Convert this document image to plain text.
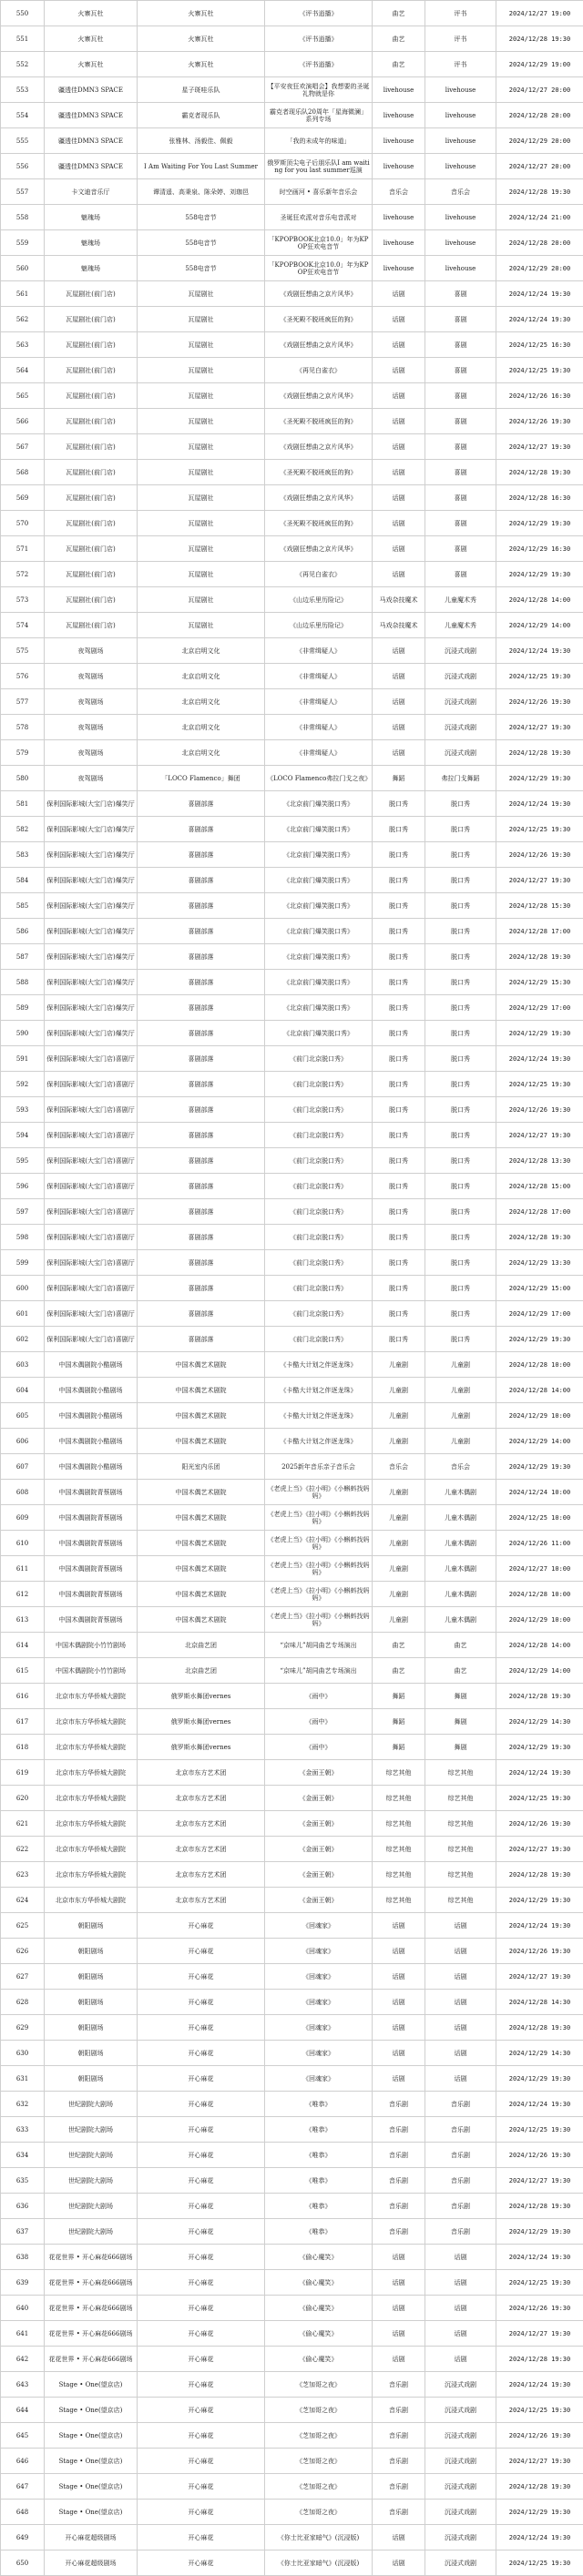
550	火寨瓦杜	火寨瓦杜	《评书逍播》	曲艺	评书	2024/12/27 19:00
551	火寨瓦杜	火寨瓦杜	《评书逍播》	曲艺	评书	2024/12/28 19:30
552	火寨瓦杜	火寨瓦杜	《评书逍播》	曲艺	评书	2024/12/29 19:00
553	疆透佳DMN3 SPACE	星子斑哇乐队	【平安夜狂欢演唱会】我想要的圣诞礼物就是你	livehouse	livehouse	2024/12/27 20:00
554	疆透佳DMN3 SPACE	霸克者现乐队	霸克者现乐队20周年「星海微澜」系列专场	livehouse	livehouse	2024/12/28 20:00
555	疆透佳DMN3 SPACE	张雅林、汤毅佳、佩毅	「我的未成年的味道」	livehouse	livehouse	2024/12/29 20:00
556	疆透佳DMN3 SPACE	I Am Waiting For You Last Summer	俄罗斯顶尖电子后朋乐队I am waiting for you last summer巡演	livehouse	livehouse	2024/12/27 20:00
557	卡文迪音乐厅	谭清遥、高秉泉、陈朵婷、刘珈邑	时空画河 • 喜乐新年音乐会	音乐会	音乐会	2024/12/28 19:30
558	魅瑰场	558电音节	圣诞狂欢派对音乐电音派对	livehouse	livehouse	2024/12/24 21:00
559	魅瑰场	558电音节	「KPOPBOOK北京10.0」年为KPOP狂欢电音节	livehouse	livehouse	2024/12/28 20:00
560	魅瑰场	558电音节	「KPOPBOOK北京10.0」年为KPOP狂欢电音节	livehouse	livehouse	2024/12/29 20:00
561	瓦屋剧社(前门店)	瓦屋剧社	《戏剧狂想曲之京片风华》	话剧	喜剧	2024/12/24 19:30
562	瓦屋剧社(前门店)	瓦屋剧社	《圣死殿不脱班疯狂的狗》	话剧	喜剧	2024/12/24 19:30
563	瓦屋剧社(前门店)	瓦屋剧社	《戏剧狂想曲之京片风华》	话剧	喜剧	2024/12/25 16:30
564	瓦屋剧社(前门店)	瓦屋剧社	《再见白雀衣》	话剧	喜剧	2024/12/25 19:30
565	瓦屋剧社(前门店)	瓦屋剧社	《戏剧狂想曲之京片风华》	话剧	喜剧	2024/12/26 16:30
566	瓦屋剧社(前门店)	瓦屋剧社	《圣死殿不脱班疯狂的狗》	话剧	喜剧	2024/12/26 19:30
567	瓦屋剧社(前门店)	瓦屋剧社	《戏剧狂想曲之京片风华》	话剧	喜剧	2024/12/27 19:30
568	瓦屋剧社(前门店)	瓦屋剧社	《圣死殿不脱班疯狂的狗》	话剧	喜剧	2024/12/28 19:30
569	瓦屋剧社(前门店)	瓦屋剧社	《戏剧狂想曲之京片风华》	话剧	喜剧	2024/12/28 16:30
570	瓦屋剧社(前门店)	瓦屋剧社	《圣死殿不脱班疯狂的狗》	话剧	喜剧	2024/12/29 19:30
571	瓦屋剧社(前门店)	瓦屋剧社	《戏剧狂想曲之京片风华》	话剧	喜剧	2024/12/29 16:30
572	瓦屋剧社(前门店)	瓦屋剧社	《再见白雀衣》	话剧	喜剧	2024/12/29 19:30
573	瓦屋剧社(前门店)	瓦屋剧社	《山边乐里历险记》	马戏杂技魔术	儿童魔术秀	2024/12/28 14:00
574	瓦屋剧社(前门店)	瓦屋剧社	《山边乐里历险记》	马戏杂技魔术	儿童魔术秀	2024/12/29 14:00
575	夜驾剧场	北京启明文化	《非常缉疑人》	话剧	沉浸式戏剧	2024/12/24 19:30
576	夜驾剧场	北京启明文化	《非常缉疑人》	话剧	沉浸式戏剧	2024/12/25 19:30
577	夜驾剧场	北京启明文化	《非常缉疑人》	话剧	沉浸式戏剧	2024/12/26 19:30
578	夜驾剧场	北京启明文化	《非常缉疑人》	话剧	沉浸式戏剧	2024/12/27 19:30
579	夜驾剧场	北京启明文化	《非常缉疑人》	话剧	沉浸式戏剧	2024/12/28 19:30
580	夜驾剧场	「LOCO Flamenco」舞团	《LOCO Flamenco弗拉门戈之夜》	舞蹈	弗拉门戈舞蹈	2024/12/29 19:30
581	保利国际影城(大宝门店)爆笑厅	喜剧部落	《北京前门爆笑脱口秀》	脱口秀	脱口秀	2024/12/24 19:30
582	保利国际影城(大宝门店)爆笑厅	喜剧部落	《北京前门爆笑脱口秀》	脱口秀	脱口秀	2024/12/25 19:30
583	保利国际影城(大宝门店)爆笑厅	喜剧部落	《北京前门爆笑脱口秀》	脱口秀	脱口秀	2024/12/26 19:30
584	保利国际影城(大宝门店)爆笑厅	喜剧部落	《北京前门爆笑脱口秀》	脱口秀	脱口秀	2024/12/27 19:30
585	保利国际影城(大宝门店)爆笑厅	喜剧部落	《北京前门爆笑脱口秀》	脱口秀	脱口秀	2024/12/28 15:30
586	保利国际影城(大宝门店)爆笑厅	喜剧部落	《北京前门爆笑脱口秀》	脱口秀	脱口秀	2024/12/28 17:00
587	保利国际影城(大宝门店)爆笑厅	喜剧部落	《北京前门爆笑脱口秀》	脱口秀	脱口秀	2024/12/28 19:30
588	保利国际影城(大宝门店)爆笑厅	喜剧部落	《北京前门爆笑脱口秀》	脱口秀	脱口秀	2024/12/29 15:30
589	保利国际影城(大宝门店)爆笑厅	喜剧部落	《北京前门爆笑脱口秀》	脱口秀	脱口秀	2024/12/29 17:00
590	保利国际影城(大宝门店)爆笑厅	喜剧部落	《北京前门爆笑脱口秀》	脱口秀	脱口秀	2024/12/29 19:30
591	保利国际影城(大宝门店)喜剧厅	喜剧部落	《前门北京脱口秀》	脱口秀	脱口秀	2024/12/24 19:30
592	保利国际影城(大宝门店)喜剧厅	喜剧部落	《前门北京脱口秀》	脱口秀	脱口秀	2024/12/25 19:30
593	保利国际影城(大宝门店)喜剧厅	喜剧部落	《前门北京脱口秀》	脱口秀	脱口秀	2024/12/26 19:30
594	保利国际影城(大宝门店)喜剧厅	喜剧部落	《前门北京脱口秀》	脱口秀	脱口秀	2024/12/27 19:30
595	保利国际影城(大宝门店)喜剧厅	喜剧部落	《前门北京脱口秀》	脱口秀	脱口秀	2024/12/28 13:30
596	保利国际影城(大宝门店)喜剧厅	喜剧部落	《前门北京脱口秀》	脱口秀	脱口秀	2024/12/28 15:00
597	保利国际影城(大宝门店)喜剧厅	喜剧部落	《前门北京脱口秀》	脱口秀	脱口秀	2024/12/28 17:00
598	保利国际影城(大宝门店)喜剧厅	喜剧部落	《前门北京脱口秀》	脱口秀	脱口秀	2024/12/28 19:30
599	保利国际影城(大宝门店)喜剧厅	喜剧部落	《前门北京脱口秀》	脱口秀	脱口秀	2024/12/29 13:30
600	保利国际影城(大宝门店)喜剧厅	喜剧部落	《前门北京脱口秀》	脱口秀	脱口秀	2024/12/29 15:00
601	保利国际影城(大宝门店)喜剧厅	喜剧部落	《前门北京脱口秀》	脱口秀	脱口秀	2024/12/29 17:00
602	保利国际影城(大宝门店)喜剧厅	喜剧部落	《前门北京脱口秀》	脱口秀	脱口秀	2024/12/29 19:30
603	中国木偶剧院小酷剧场	中国木偶艺术剧院	《卡酷大计划之伴逐龙珠》	儿童剧	儿童剧	2024/12/28 10:00
604	中国木偶剧院小酷剧场	中国木偶艺术剧院	《卡酷大计划之伴逐龙珠》	儿童剧	儿童剧	2024/12/28 14:00
605	中国木偶剧院小酷剧场	中国木偶艺术剧院	《卡酷大计划之伴逐龙珠》	儿童剧	儿童剧	2024/12/29 10:00
606	中国木偶剧院小酷剧场	中国木偶艺术剧院	《卡酷大计划之伴逐龙珠》	儿童剧	儿童剧	2024/12/29 14:00
607	中国木偶剧院小酷剧场	阳光室内乐团	2025新年音乐亲子音乐会	音乐会	音乐会	2024/12/29 19:30
608	中国木偶剧院青蔡剧场	中国木偶艺术剧院	《老虎上当》《拉小明》《小蝌蚪找妈妈》	儿童剧	儿童木偶剧	2024/12/24 10:00
609	中国木偶剧院青蔡剧场	中国木偶艺术剧院	《老虎上当》《拉小明》《小蝌蚪找妈妈》	儿童剧	儿童木偶剧	2024/12/25 10:00
610	中国木偶剧院青蔡剧场	中国木偶艺术剧院	《老虎上当》《拉小明》《小蝌蚪找妈妈》	儿童剧	儿童木偶剧	2024/12/26 11:00
611	中国木偶剧院青蔡剧场	中国木偶艺术剧院	《老虎上当》《拉小明》《小蝌蚪找妈妈》	儿童剧	儿童木偶剧	2024/12/27 10:00
612	中国木偶剧院青蔡剧场	中国木偶艺术剧院	《老虎上当》《拉小明》《小蝌蚪找妈妈》	儿童剧	儿童木偶剧	2024/12/28 10:00
613	中国木偶剧院青蔡剧场	中国木偶艺术剧院	《老虎上当》《拉小明》《小蝌蚪找妈妈》	儿童剧	儿童木偶剧	2024/12/29 10:00
614	中国木偶剧院小竹竹剧场	北京曲艺团	“京味儿”胡同曲艺专场演出	曲艺	曲艺	2024/12/28 14:00
615	中国木偶剧院小竹竹剧场	北京曲艺团	“京味儿”胡同曲艺专场演出	曲艺	曲艺	2024/12/29 14:00
616	北京市东方华侨城大剧院	俄罗斯水舞团vernes	《雨中》	舞蹈	舞剧	2024/12/28 19:30
617	北京市东方华侨城大剧院	俄罗斯水舞团vernes	《雨中》	舞蹈	舞剧	2024/12/29 14:30
618	北京市东方华侨城大剧院	俄罗斯水舞团vernes	《雨中》	舞蹈	舞剧	2024/12/29 19:30
619	北京市东方华侨城大剧院	北京市东方艺术团	《金面王朝》	综艺其他	综艺其他	2024/12/24 19:30
620	北京市东方华侨城大剧院	北京市东方艺术团	《金面王朝》	综艺其他	综艺其他	2024/12/25 19:30
621	北京市东方华侨城大剧院	北京市东方艺术团	《金面王朝》	综艺其他	综艺其他	2024/12/26 19:30
622	北京市东方华侨城大剧院	北京市东方艺术团	《金面王朝》	综艺其他	综艺其他	2024/12/27 19:30
623	北京市东方华侨城大剧院	北京市东方艺术团	《金面王朝》	综艺其他	综艺其他	2024/12/28 19:30
624	北京市东方华侨城大剧院	北京市东方艺术团	《金面王朝》	综艺其他	综艺其他	2024/12/29 19:30
625	朝阳剧场	开心麻花	《回魂家》	话剧	话剧	2024/12/24 19:30
626	朝阳剧场	开心麻花	《回魂家》	话剧	话剧	2024/12/26 19:30
627	朝阳剧场	开心麻花	《回魂家》	话剧	话剧	2024/12/27 19:30
628	朝阳剧场	开心麻花	《回魂家》	话剧	话剧	2024/12/28 14:30
629	朝阳剧场	开心麻花	《回魂家》	话剧	话剧	2024/12/28 19:30
630	朝阳剧场	开心麻花	《回魂家》	话剧	话剧	2024/12/29 14:30
631	朝阳剧场	开心麻花	《回魂家》	话剧	话剧	2024/12/29 19:30
632	世纪剧院大剧场	开心麻花	《唯恭》	音乐剧	音乐剧	2024/12/24 19:30
633	世纪剧院大剧场	开心麻花	《唯恭》	音乐剧	音乐剧	2024/12/25 19:30
634	世纪剧院大剧场	开心麻花	《唯恭》	音乐剧	音乐剧	2024/12/26 19:30
635	世纪剧院大剧场	开心麻花	《唯恭》	音乐剧	音乐剧	2024/12/27 19:30
636	世纪剧院大剧场	开心麻花	《唯恭》	音乐剧	音乐剧	2024/12/28 19:30
637	世纪剧院大剧场	开心麻花	《唯恭》	音乐剧	音乐剧	2024/12/29 19:30
638	花花世界 • 开心麻花666剧场	开心麻花	《偷心魔笑》	话剧	话剧	2024/12/24 19:30
639	花花世界 • 开心麻花666剧场	开心麻花	《偷心魔笑》	话剧	话剧	2024/12/25 19:30
640	花花世界 • 开心麻花666剧场	开心麻花	《偷心魔笑》	话剧	话剧	2024/12/26 19:30
641	花花世界 • 开心麻花666剧场	开心麻花	《偷心魔笑》	话剧	话剧	2024/12/27 19:30
642	花花世界 • 开心麻花666剧场	开心麻花	《偷心魔笑》	话剧	话剧	2024/12/28 19:30
643	Stage • One(望京店)	开心麻花	《芝加哥之夜》	音乐剧	沉浸式戏剧	2024/12/24 19:30
644	Stage • One(望京店)	开心麻花	《芝加哥之夜》	音乐剧	沉浸式戏剧	2024/12/25 19:30
645	Stage • One(望京店)	开心麻花	《芝加哥之夜》	音乐剧	沉浸式戏剧	2024/12/26 19:30
646	Stage • One(望京店)	开心麻花	《芝加哥之夜》	音乐剧	沉浸式戏剧	2024/12/27 19:30
647	Stage • One(望京店)	开心麻花	《芝加哥之夜》	音乐剧	沉浸式戏剧	2024/12/28 19:30
648	Stage • One(望京店)	开心麻花	《芝加哥之夜》	音乐剧	沉浸式戏剧	2024/12/29 19:30
649	开心麻花超级剧场	开心麻花	《你士比亚家暗气》(沉浸版)	话剧	沉浸式戏剧	2024/12/24 19:30
650	开心麻花超级剧场	开心麻花	《你士比亚家暗气》(沉浸版)	话剧	沉浸式戏剧	2024/12/25 19:30
